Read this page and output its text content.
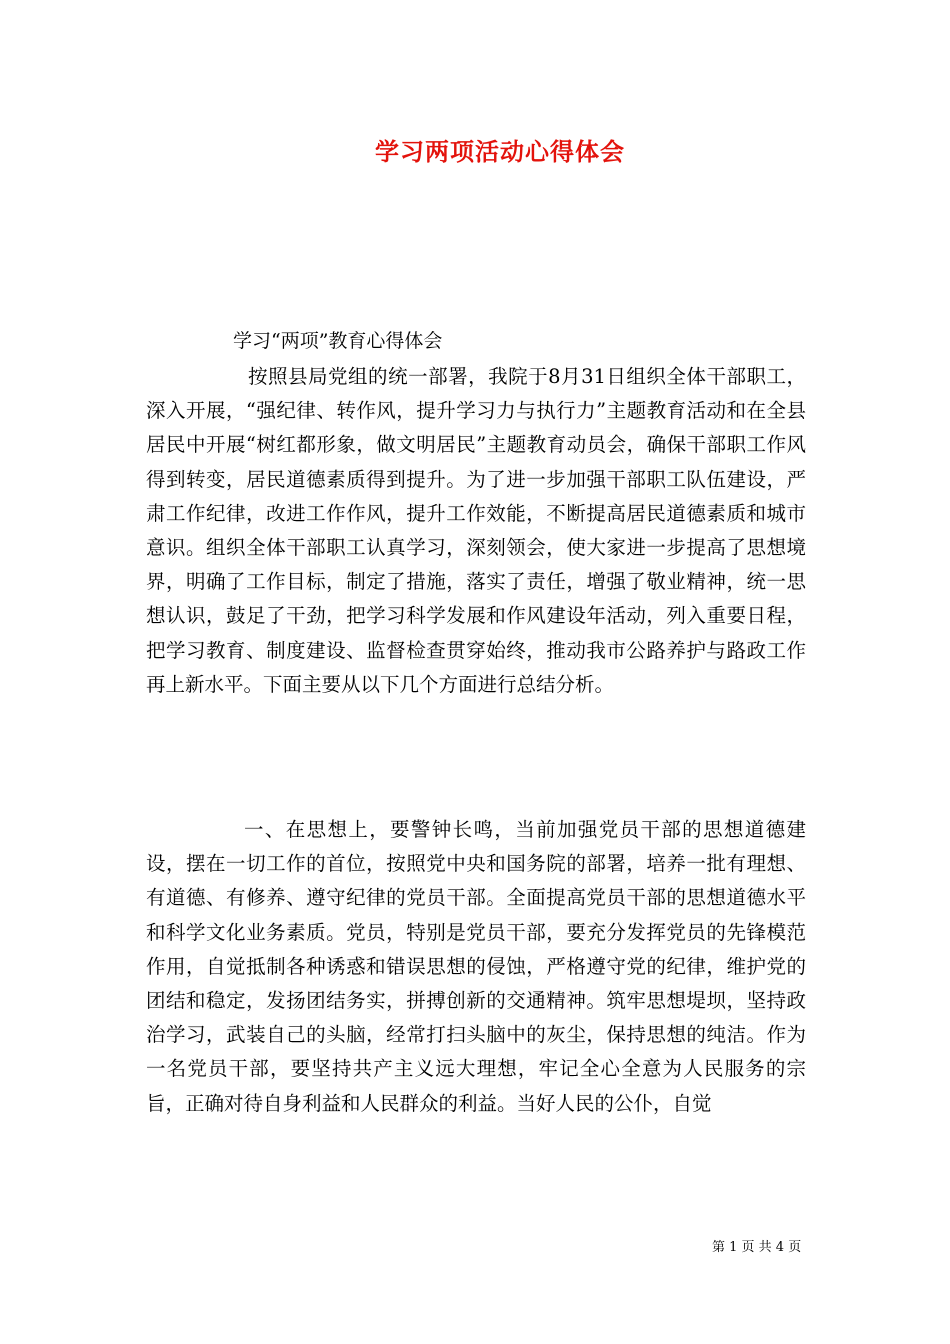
学习两项活动心得体会
学习“两项”教育心得体会

按照县局党组的统一部署，我院于8月31日组织全体干部职工，深入开展，“强纪律、转作风，提升学习力与执行力”主题教育活动和在全县居民中开展“树红都形象，做文明居民”主题教育动员会，确保干部职工作风得到转变，居民道德素质得到提升。为了进一步加强干部职工队伍建设，严肃工作纪律，改进工作作风，提升工作效能，不断提高居民道德素质和城市意识。组织全体干部职工认真学习，深刻领会，使大家进一步提高了思想境界，明确了工作目标，制定了措施，落实了责任，增强了敬业精神，统一思想认识，鼓足了干劲，把学习科学发展和作风建设年活动，列入重要日程，把学习教育、制度建设、监督检查贯穿始终，推动我市公路养护与路政工作再上新水平。下面主要从以下几个方面进行总结分析。

一、在思想上，要警钟长鸣，当前加强党员干部的思想道德建设，摆在一切工作的首位，按照党中央和国务院的部署，培养一批有理想、有道德、有修养、遵守纪律的党员干部。全面提高党员干部的思想道德水平和科学文化业务素质。党员，特别是党员干部，要充分发挥党员的先锋模范作用，自觉抵制各种诱惑和错误思想的侵蚀，严格遵守党的纪律，维护党的团结和稳定，发扬团结务实，拼搏创新的交通精神。筑牢思想堤坝，坚持政治学习，武装自己的头脑，经常打扫头脑中的灰尘，保持思想的纯洁。作为一名党员干部，要坚持共产主义远大理想，牢记全心全意为人民服务的宗旨，正确对待自身利益和人民群众的利益。当好人民的公仆，自觉

第 1 页 共 4 页
